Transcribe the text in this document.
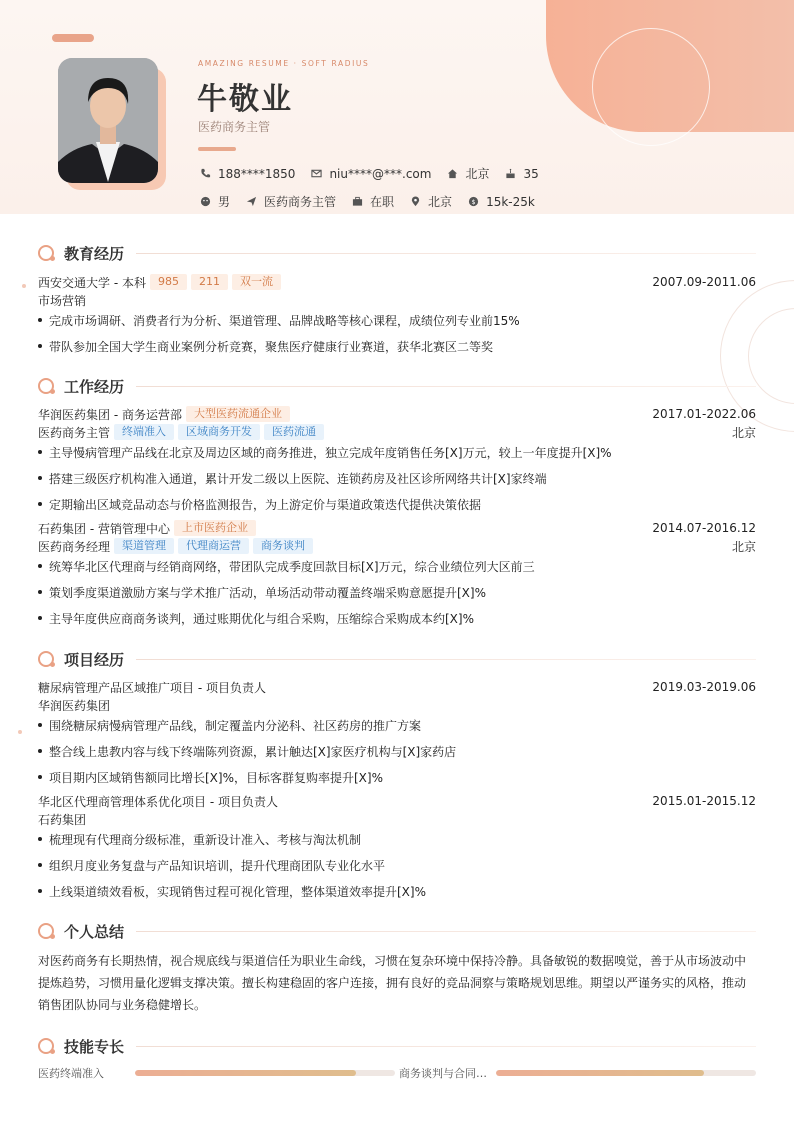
AMAZING RESUME · SOFT RADIUS
牛敬业
医药商务主管
188****1850	niu****@***.com	北京	35
男	医药商务主管	在职	北京	$ 15k-25k
教育经历
西安交通大学 - 本科	985	211	双一流	2007.09-2011.06
市场营销
完成市场调研、消费者行为分析、渠道管理、品牌战略等核心课程，成绩位列专业前15%
带队参加全国大学生商业案例分析竞赛，聚焦医疗健康行业赛道，获华北赛区二等奖
工作经历
华润医药集团 - 商务运营部	大型医药流通企业	2017.01-2022.06
医药商务主管	终端准入	区域商务开发	医药流通	北京
主导慢病管理产品线在北京及周边区域的商务推进，独立完成年度销售任务[X]万元，较上一年度提升[X]%
搭建三级医疗机构准入通道，累计开发二级以上医院、连锁药房及社区诊所网络共计[X]家终端
定期输出区域竞品动态与价格监测报告，为上游定价与渠道政策迭代提供决策依据
石药集团 - 营销管理中心	上市医药企业	2014.07-2016.12
医药商务经理	渠道管理	代理商运营	商务谈判	北京
统筹华北区代理商与经销商网络，带团队完成季度回款目标[X]万元，综合业绩位列大区前三
策划季度渠道激励方案与学术推广活动，单场活动带动覆盖终端采购意愿提升[X]%
主导年度供应商商务谈判，通过账期优化与组合采购，压缩综合采购成本约[X]%
项目经历
糖尿病管理产品区域推广项目 - 项目负责人	2019.03-2019.06
华润医药集团
围绕糖尿病慢病管理产品线，制定覆盖内分泌科、社区药房的推广方案
整合线上患教内容与线下终端陈列资源，累计触达[X]家医疗机构与[X]家药店
项目期内区域销售额同比增长[X]%，目标客群复购率提升[X]%
华北区代理商管理体系优化项目 - 项目负责人	2015.01-2015.12
石药集团
梳理现有代理商分级标准，重新设计准入、考核与淘汰机制
组织月度业务复盘与产品知识培训，提升代理商团队专业化水平
上线渠道绩效看板，实现销售过程可视化管理，整体渠道效率提升[X]%
个人总结
对医药商务有长期热情，视合规底线与渠道信任为职业生命线，习惯在复杂环境中保持冷静。具备敏锐的数据嗅觉，善于从市场波动中提炼趋势，习惯用量化逻辑支撑决策。擅长构建稳固的客户连接，拥有良好的竞品洞察与策略规划思维。期望以严谨务实的风格，推动销售团队协同与业务稳健增长。
技能专长
医药终端准入	商务谈判与合同…
